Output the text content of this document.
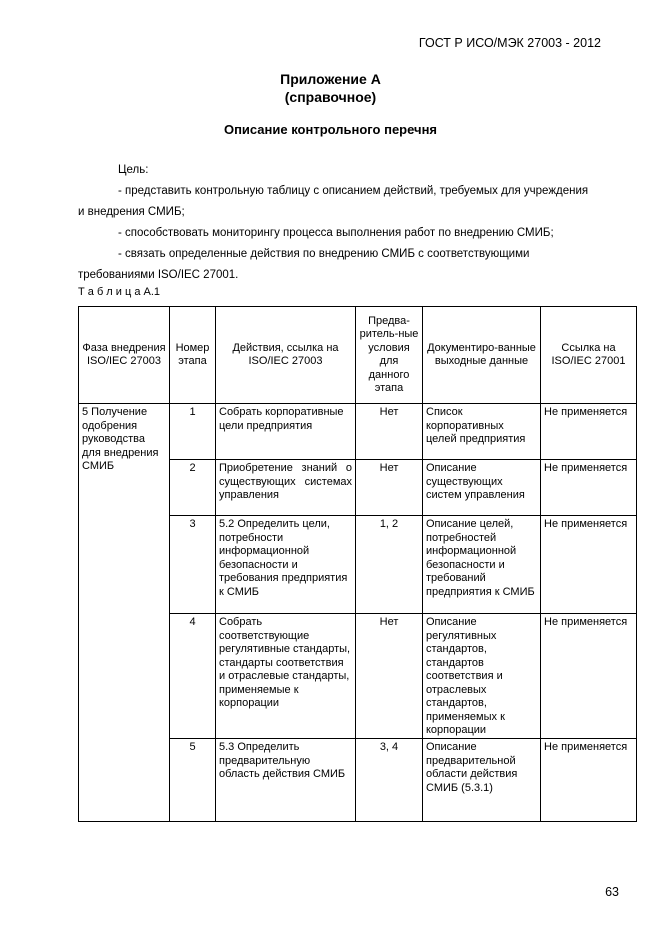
ГОСТ Р ИСО/МЭК 27003 - 2012
Приложение А
(справочное)
Описание контрольного перечня
Цель:
- представить контрольную таблицу с описанием действий, требуемых для учреждения
и внедрения СМИБ;
- способствовать мониторингу процесса выполнения работ по внедрению СМИБ;
- связать определенные действия по внедрению СМИБ с соответствующими
требованиями ISO/IEC 27001.
Т а б л и ц а А.1
Фаза внедрения ISO/IEC 27003	Номер этапа	Действия, ссылка на ISO/IEC 27003	Предва-ритель-ные условия для данного этапа	Документиро-ванные выходные данные	Ссылка на ISO/IEC 27001
5 Получение одобрения руководства для внедрения СМИБ	1	Собрать корпоративные цели предприятия	Нет	Список корпоративных целей предприятия	Не применяется
	2	Приобретение знаний о существующих системах управления	Нет	Описание существующих систем управления	Не применяется
	3	5.2 Определить цели, потребности информационной безопасности и требования предприятия к СМИБ	1, 2	Описание целей, потребностей информационной безопасности и требований предприятия к СМИБ	Не применяется
	4	Собрать соответствующие регулятивные стандарты, стандарты соответствия и отраслевые стандарты, применяемые к корпорации	Нет	Описание регулятивных стандартов, стандартов соответствия и отраслевых стандартов, применяемых к корпорации	Не применяется
	5	5.3 Определить предварительную область действия СМИБ	3, 4	Описание предварительной области действия СМИБ (5.3.1)	Не применяется
63
